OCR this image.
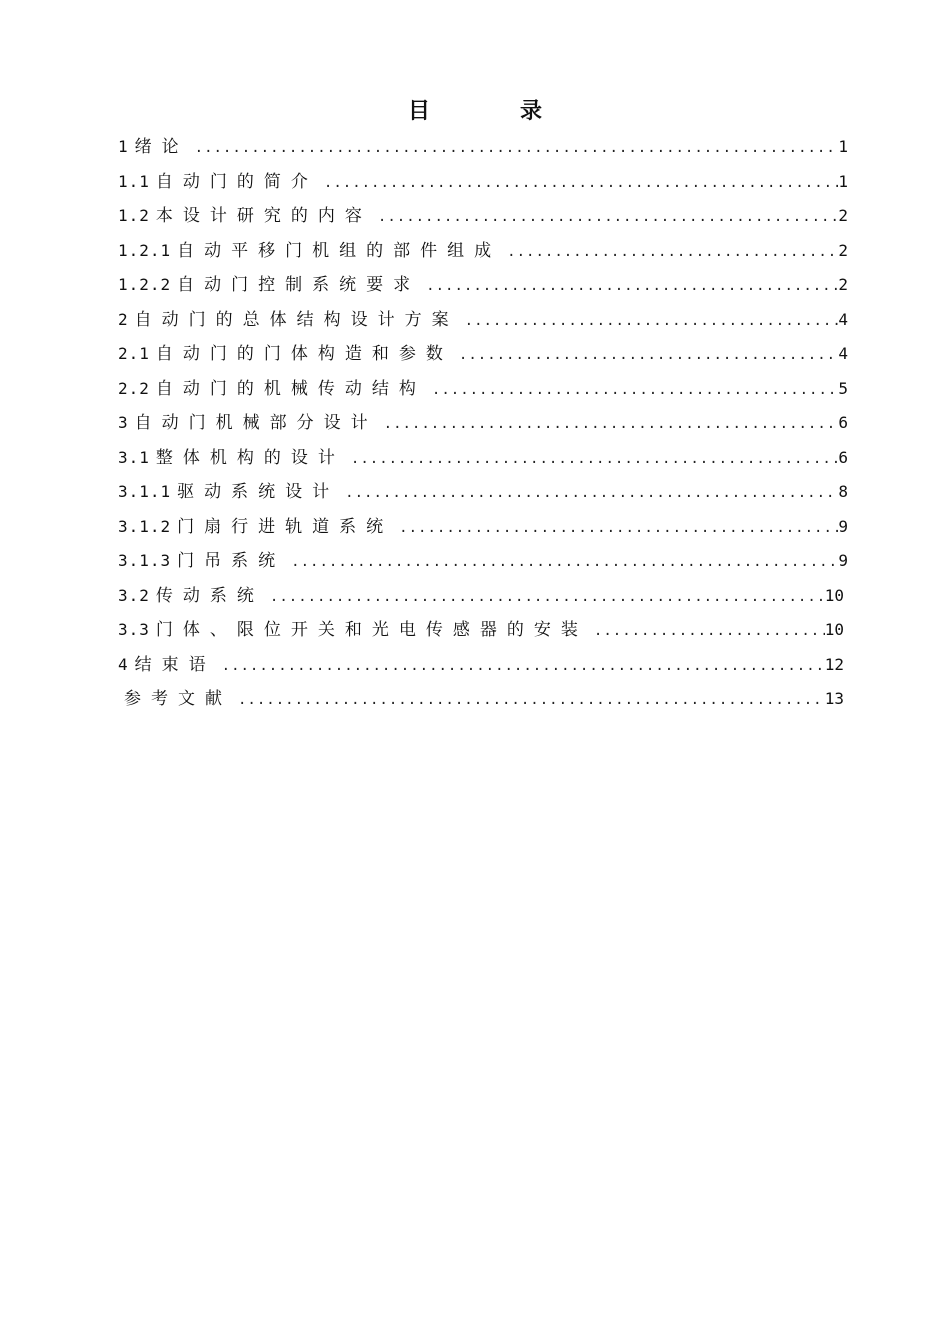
目　录
1 绪论 .....	1
1.1 自动门的简介 .....	1
1.2 本设计研究的内容 .....	2
1.2.1 自动平移门机组的部件组成 .....	2
1.2.2 自动门控制系统要求 .....	2
2 自动门的总体结构设计方案 .....	4
2.1 自动门的门体构造和参数 .....	4
2.2 自动门的机械传动结构 .....	5
3 自动门机械部分设计 .....	6
3.1 整体机构的设计 .....	6
3.1.1 驱动系统设计 .....	8
3.1.2 门扇行进轨道系统 .....	9
3.1.3 门吊系统 .....	9
3.2 传动系统 .....	10
3.3 门体、限位开关和光电传感器的安装 .....	10
4 结束语 .....	12
参考文献 .....	13
